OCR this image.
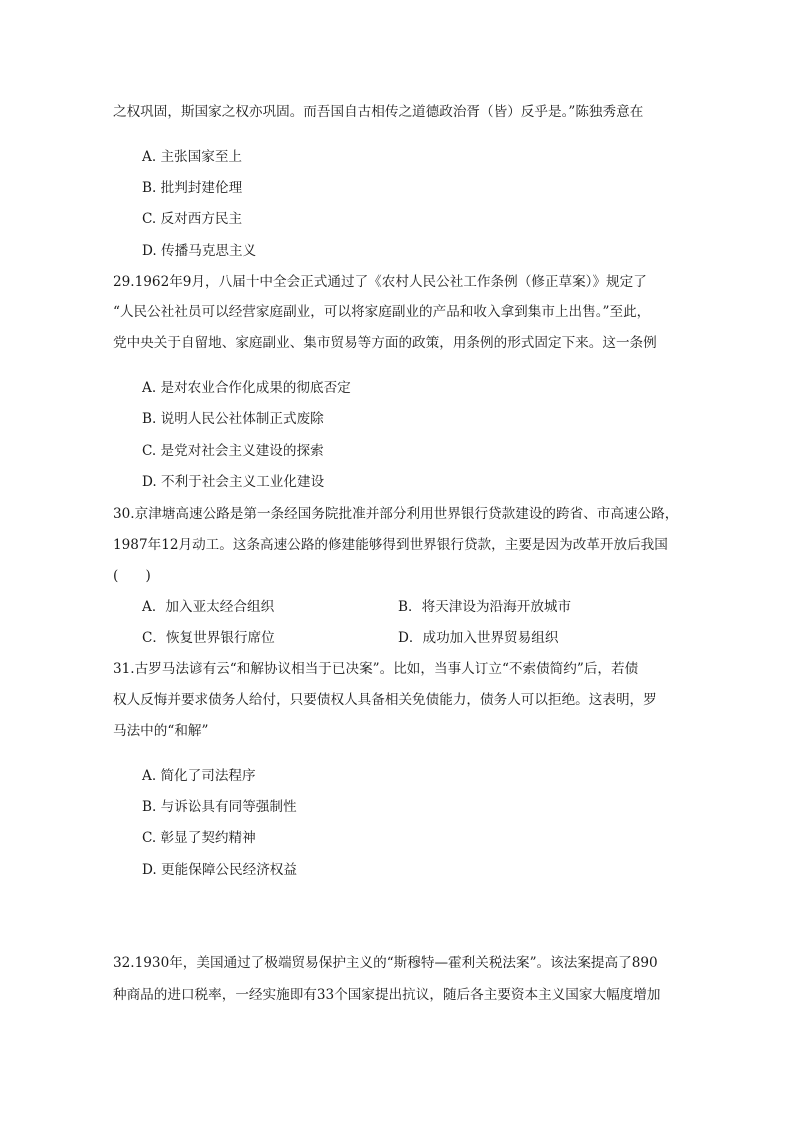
之权巩固，斯国家之权亦巩固。而吾国自古相传之道德政治胥（皆）反乎是。”陈独秀意在
A. 主张国家至上
B. 批判封建伦理
C. 反对西方民主
D. 传播马克思主义
29.1962年9月，八届十中全会正式通过了《农村人民公社工作条例（修正草案）》规定了
“人民公社社员可以经营家庭副业，可以将家庭副业的产品和收入拿到集市上出售。”至此，
党中央关于自留地、家庭副业、集市贸易等方面的政策，用条例的形式固定下来。这一条例
A. 是对农业合作化成果的彻底否定
B. 说明人民公社体制正式废除
C. 是党对社会主义建设的探索
D. 不利于社会主义工业化建设
30.京津塘高速公路是第一条经国务院批准并部分利用世界银行贷款建设的跨省、市高速公路，
1987年12月动工。这条高速公路的修建能够得到世界银行贷款，主要是因为改革开放后我国
(　　)
A．加入亚太经合组织	B．将天津设为沿海开放城市
C．恢复世界银行席位	D．成功加入世界贸易组织
31.古罗马法谚有云“和解协议相当于已决案”。比如，当事人订立“不索债简约”后，若债
权人反悔并要求债务人给付，只要债权人具备相关免债能力，债务人可以拒绝。这表明，罗
马法中的“和解”
A. 简化了司法程序
B. 与诉讼具有同等强制性
C. 彰显了契约精神
D. 更能保障公民经济权益
32.1930年，美国通过了极端贸易保护主义的“斯穆特—霍利关税法案”。该法案提高了890
种商品的进口税率，一经实施即有33个国家提出抗议，随后各主要资本主义国家大幅度增加
